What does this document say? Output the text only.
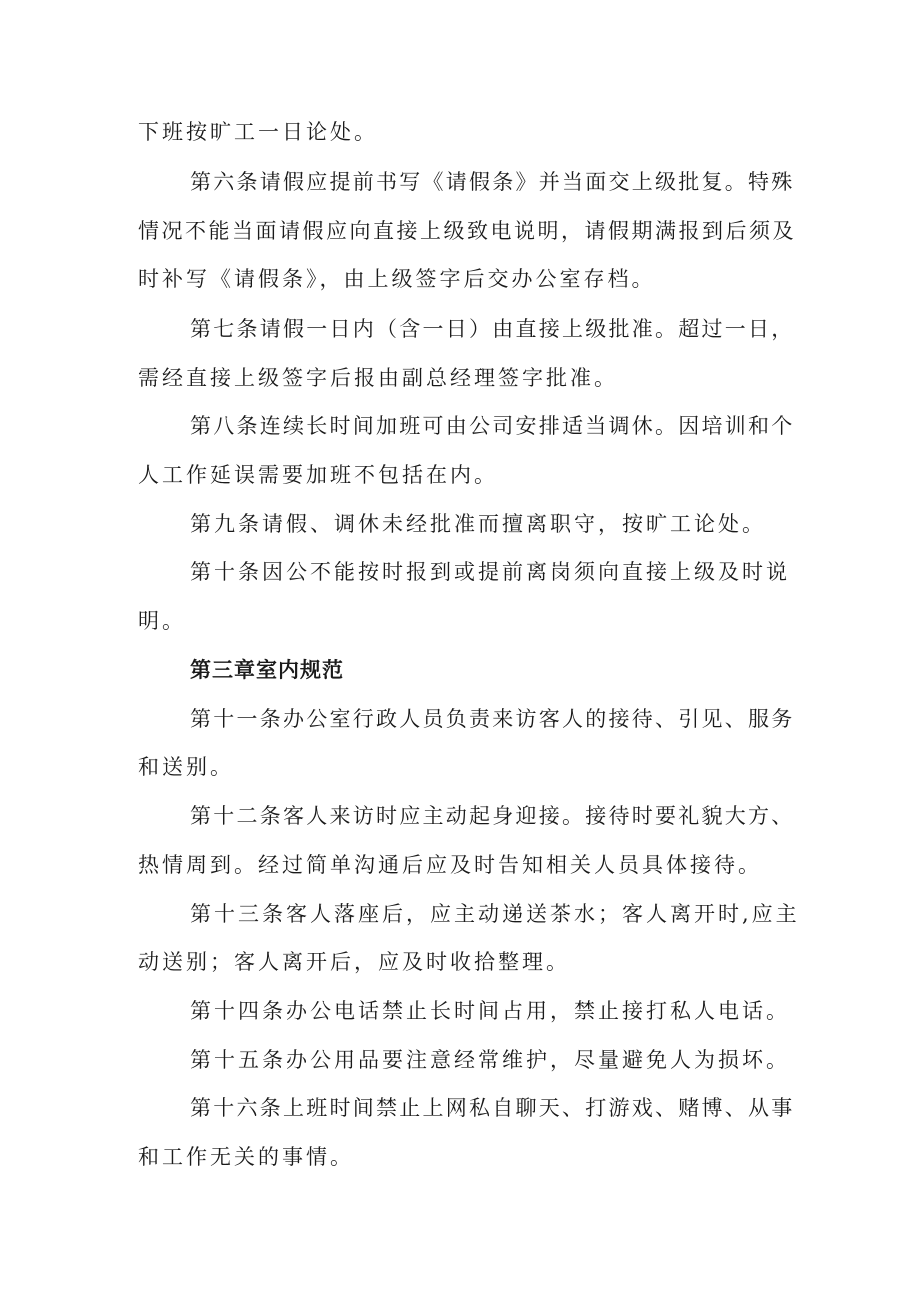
下班按旷工一日论处。

第六条请假应提前书写《请假条》并当面交上级批复。特殊

情况不能当面请假应向直接上级致电说明，请假期满报到后须及

时补写《请假条》，由上级签字后交办公室存档。

第七条请假一日内（含一日）由直接上级批准。超过一日，

需经直接上级签字后报由副总经理签字批准。

第八条连续长时间加班可由公司安排适当调休。因培训和个

人工作延误需要加班不包括在内。

第九条请假、调休未经批准而擅离职守，按旷工论处。

第十条因公不能按时报到或提前离岗须向直接上级及时说

明。

第三章室内规范

第十一条办公室行政人员负责来访客人的接待、引见、服务

和送别。

第十二条客人来访时应主动起身迎接。接待时要礼貌大方、

热情周到。经过简单沟通后应及时告知相关人员具体接待。

第十三条客人落座后，应主动递送茶水；客人离开时,应主

动送别；客人离开后，应及时收拾整理。

第十四条办公电话禁止长时间占用，禁止接打私人电话。

第十五条办公用品要注意经常维护，尽量避免人为损坏。

第十六条上班时间禁止上网私自聊天、打游戏、赌博、从事

和工作无关的事情。
